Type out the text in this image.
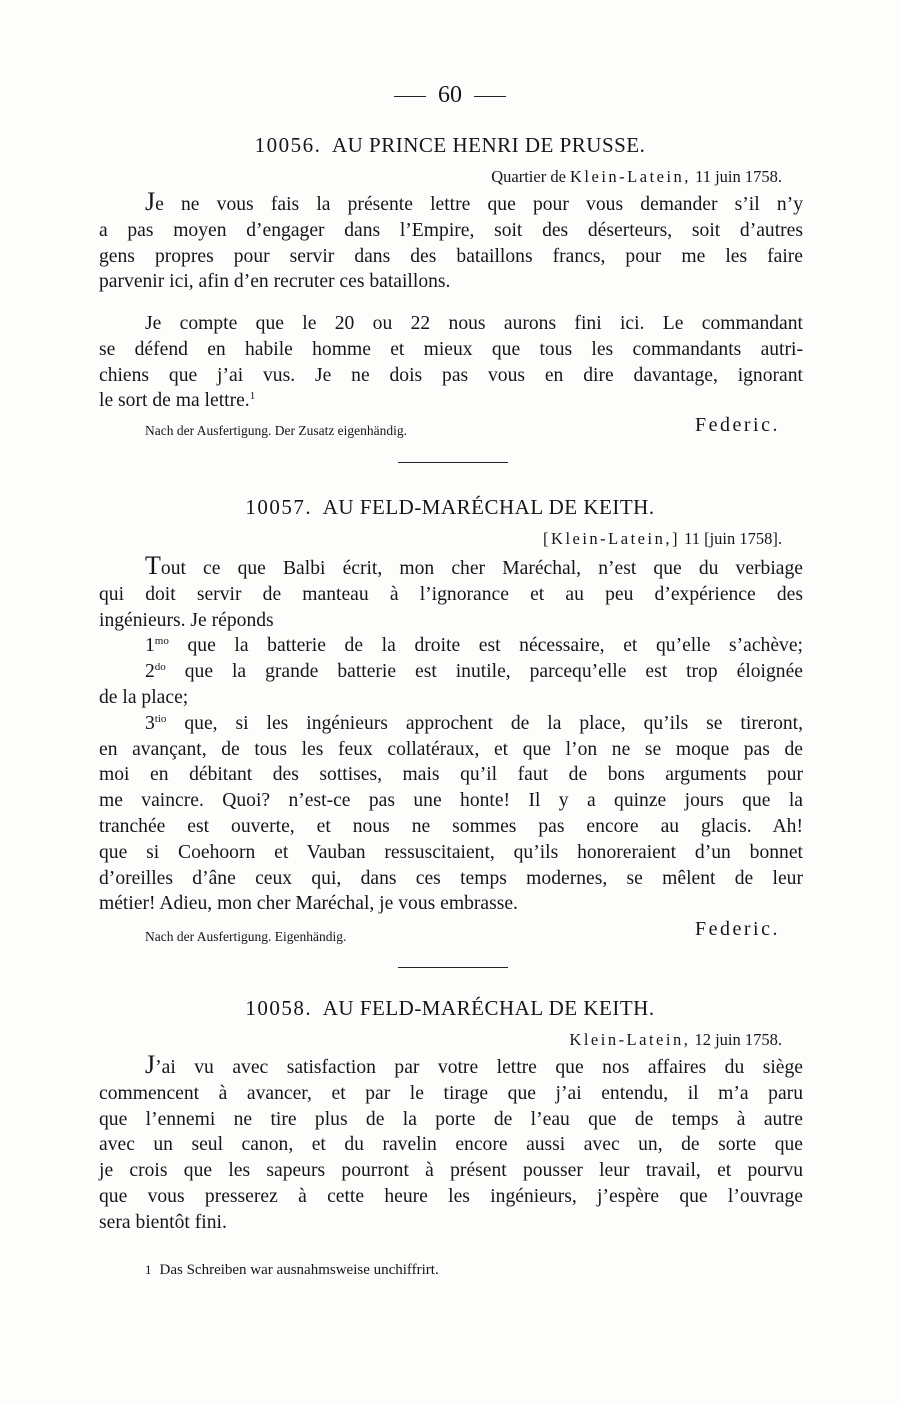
60
10056. AU PRINCE HENRI DE PRUSSE.
Quartier de Klein-Latein, 11 juin 1758.
Je ne vous fais la présente lettre que pour vous demander s’il n’y
a pas moyen d’engager dans l’Empire, soit des déserteurs, soit d’autres
gens propres pour servir dans des bataillons francs, pour me les faire
parvenir ici, afin d’en recruter ces bataillons.
Je compte que le 20 ou 22 nous aurons fini ici. Le commandant
se défend en habile homme et mieux que tous les commandants autri-
chiens que j’ai vus. Je ne dois pas vous en dire davantage, ignorant
le sort de ma lettre.$^1$
Nach der Ausfertigung. Der Zusatz eigenhändig.	Federic.
10057. AU FELD-MARÉCHAL DE KEITH.
[Klein-Latein,] 11 [juin 1758].
Tout ce que Balbi écrit, mon cher Maréchal, n’est que du verbiage
qui doit servir de manteau à l’ignorance et au peu d’expérience des
ingénieurs. Je réponds
$1^{mo}$ que la batterie de la droite est nécessaire, et qu’elle s’achève;
$2^{do}$ que la grande batterie est inutile, parcequ’elle est trop éloignée
de la place;
$3^{tio}$ que, si les ingénieurs approchent de la place, qu’ils se tireront,
en avançant, de tous les feux collatéraux, et que l’on ne se moque pas de
moi en débitant des sottises, mais qu’il faut de bons arguments pour
me vaincre. Quoi? n’est-ce pas une honte! Il y a quinze jours que la
tranchée est ouverte, et nous ne sommes pas encore au glacis. Ah!
que si Coehoorn et Vauban ressuscitaient, qu’ils honoreraient d’un bonnet
d’oreilles d’âne ceux qui, dans ces temps modernes, se mêlent de leur
métier! Adieu, mon cher Maréchal, je vous embrasse.
Nach der Ausfertigung. Eigenhändig.	Federic.
10058. AU FELD-MARÉCHAL DE KEITH.
Klein-Latein, 12 juin 1758.
J’ai vu avec satisfaction par votre lettre que nos affaires du siège
commencent à avancer, et par le tirage que j’ai entendu, il m’a paru
que l’ennemi ne tire plus de la porte de l’eau que de temps à autre
avec un seul canon, et du ravelin encore aussi avec un, de sorte que
je crois que les sapeurs pourront à présent pousser leur travail, et pourvu
que vous presserez à cette heure les ingénieurs, j’espère que l’ouvrage
sera bientôt fini.
1 Das Schreiben war ausnahmsweise unchiffrirt.
